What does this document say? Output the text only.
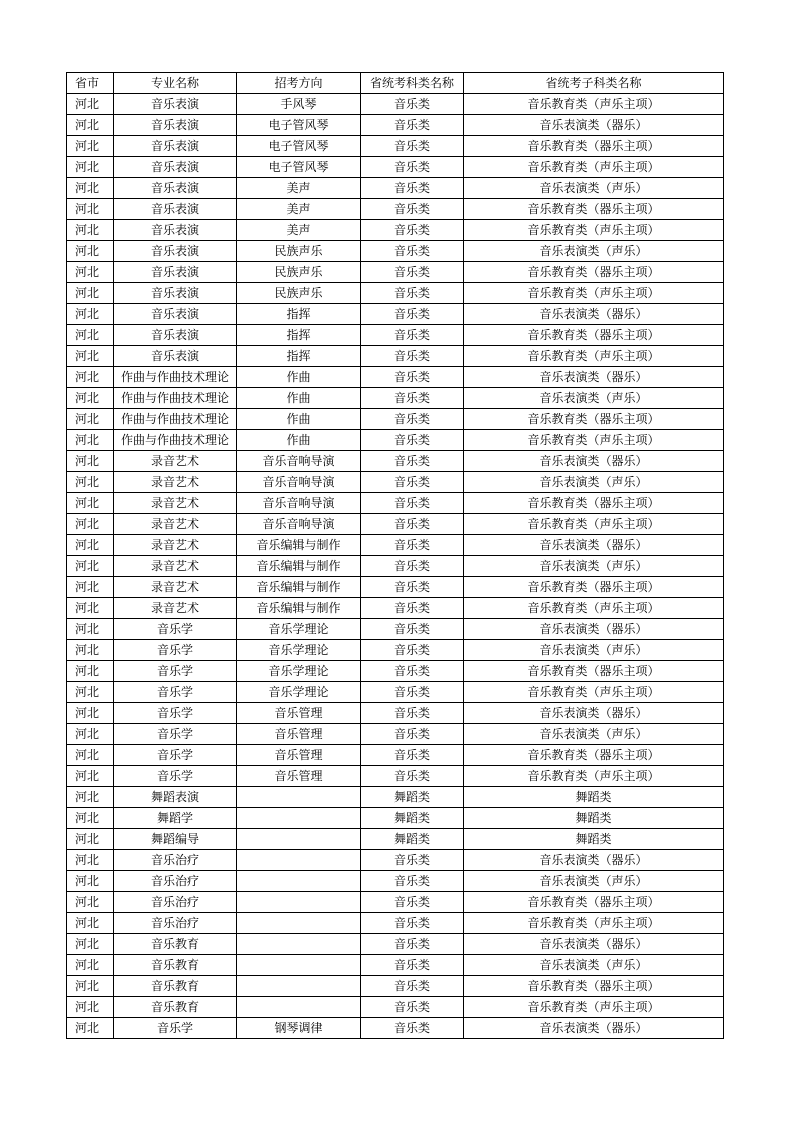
省市	专业名称	招考方向	省统考科类名称	省统考子科类名称
河北	音乐表演	手风琴	音乐类	音乐教育类（声乐主项）
河北	音乐表演	电子管风琴	音乐类	音乐表演类（器乐）
河北	音乐表演	电子管风琴	音乐类	音乐教育类（器乐主项）
河北	音乐表演	电子管风琴	音乐类	音乐教育类（声乐主项）
河北	音乐表演	美声	音乐类	音乐表演类（声乐）
河北	音乐表演	美声	音乐类	音乐教育类（器乐主项）
河北	音乐表演	美声	音乐类	音乐教育类（声乐主项）
河北	音乐表演	民族声乐	音乐类	音乐表演类（声乐）
河北	音乐表演	民族声乐	音乐类	音乐教育类（器乐主项）
河北	音乐表演	民族声乐	音乐类	音乐教育类（声乐主项）
河北	音乐表演	指挥	音乐类	音乐表演类（器乐）
河北	音乐表演	指挥	音乐类	音乐教育类（器乐主项）
河北	音乐表演	指挥	音乐类	音乐教育类（声乐主项）
河北	作曲与作曲技术理论	作曲	音乐类	音乐表演类（器乐）
河北	作曲与作曲技术理论	作曲	音乐类	音乐表演类（声乐）
河北	作曲与作曲技术理论	作曲	音乐类	音乐教育类（器乐主项）
河北	作曲与作曲技术理论	作曲	音乐类	音乐教育类（声乐主项）
河北	录音艺术	音乐音响导演	音乐类	音乐表演类（器乐）
河北	录音艺术	音乐音响导演	音乐类	音乐表演类（声乐）
河北	录音艺术	音乐音响导演	音乐类	音乐教育类（器乐主项）
河北	录音艺术	音乐音响导演	音乐类	音乐教育类（声乐主项）
河北	录音艺术	音乐编辑与制作	音乐类	音乐表演类（器乐）
河北	录音艺术	音乐编辑与制作	音乐类	音乐表演类（声乐）
河北	录音艺术	音乐编辑与制作	音乐类	音乐教育类（器乐主项）
河北	录音艺术	音乐编辑与制作	音乐类	音乐教育类（声乐主项）
河北	音乐学	音乐学理论	音乐类	音乐表演类（器乐）
河北	音乐学	音乐学理论	音乐类	音乐表演类（声乐）
河北	音乐学	音乐学理论	音乐类	音乐教育类（器乐主项）
河北	音乐学	音乐学理论	音乐类	音乐教育类（声乐主项）
河北	音乐学	音乐管理	音乐类	音乐表演类（器乐）
河北	音乐学	音乐管理	音乐类	音乐表演类（声乐）
河北	音乐学	音乐管理	音乐类	音乐教育类（器乐主项）
河北	音乐学	音乐管理	音乐类	音乐教育类（声乐主项）
河北	舞蹈表演		舞蹈类	舞蹈类
河北	舞蹈学		舞蹈类	舞蹈类
河北	舞蹈编导		舞蹈类	舞蹈类
河北	音乐治疗		音乐类	音乐表演类（器乐）
河北	音乐治疗		音乐类	音乐表演类（声乐）
河北	音乐治疗		音乐类	音乐教育类（器乐主项）
河北	音乐治疗		音乐类	音乐教育类（声乐主项）
河北	音乐教育		音乐类	音乐表演类（器乐）
河北	音乐教育		音乐类	音乐表演类（声乐）
河北	音乐教育		音乐类	音乐教育类（器乐主项）
河北	音乐教育		音乐类	音乐教育类（声乐主项）
河北	音乐学	钢琴调律	音乐类	音乐表演类（器乐）
